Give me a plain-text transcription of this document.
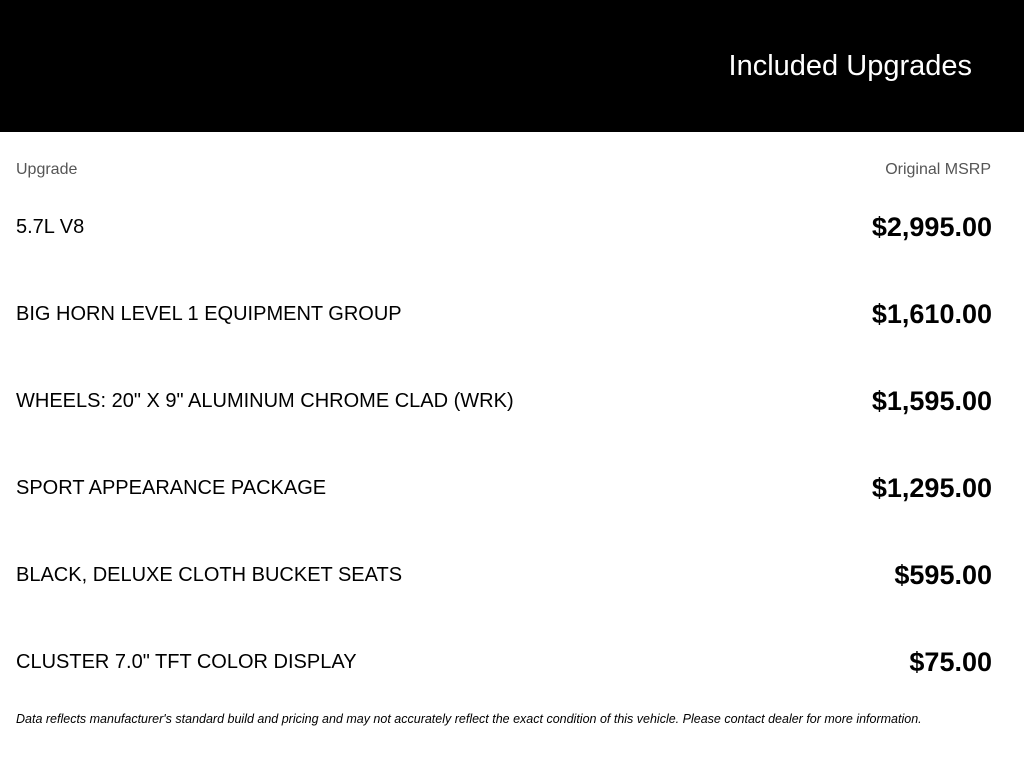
Included Upgrades
Upgrade	Original MSRP
5.7L V8	$2,995.00
BIG HORN LEVEL 1 EQUIPMENT GROUP	$1,610.00
WHEELS: 20" X 9" ALUMINUM CHROME CLAD (WRK)	$1,595.00
SPORT APPEARANCE PACKAGE	$1,295.00
BLACK, DELUXE CLOTH BUCKET SEATS	$595.00
CLUSTER 7.0" TFT COLOR DISPLAY	$75.00
Data reflects manufacturer's standard build and pricing and may not accurately reflect the exact condition of this vehicle. Please contact dealer for more information.
